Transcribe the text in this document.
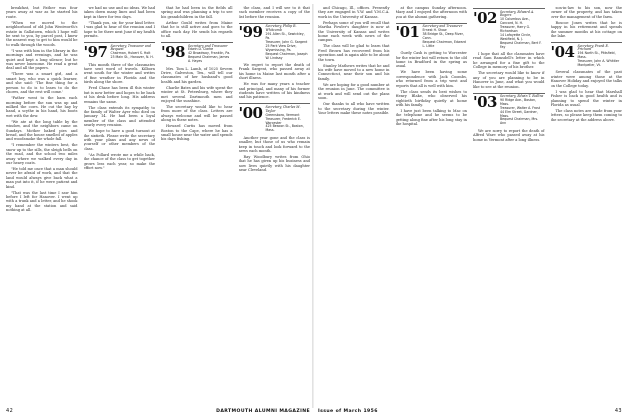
breakfast, but Father was four years away at war as he started his route.

"When we moved to the neighborhood of old John Wentworth's estate in Gallatown, which I hope will be sent to you, by parcel post, I knew the nearest way to get to him would be to walk through the woods.

"I was with him in the library in the mornings and evenings, and he was quiet and kept a long silence; but he was never lonesome. He read a great deal and all the papers.

"There was a smart girl, and a smart boy, who was a quick learner, and she said: 'The fine thing for a person to do is to learn to do the chores, and the rest will come.'

"Father went to the barn each morning before the sun was up and milked the cows. He cut the hay by hand, a scythe in his hand, his boots wet with the dew.

"We ate at the long table by the window, and the neighbors came on Sundays. Mother baked pies and bread, and the house smelled of apples and woodsmoke the whole fall.

"I remember the winters best, the snow up to the sills, the sleigh bells on the road, and the school two miles away where we walked every day in our heavy coats.

"He told me once that a man should never be afraid of work, and that the land would always give back what a man put into it, if he were patient and kind.

"That was the last time I saw him before I left for Hanover. I went up with a trunk and a letter, and he shook my hand at the station and said nothing at all.

we had no use and no ideas. We had taken down many lines and had been kept in there for two days.

"Thank you, sir, for your kind letter. I was glad to hear of the reunion and I hope to be there next June if my health permits.

'97 Secretary, Treasurer and Bequest
Chairman, Hubert S. Holt
23 Main St., Hanover, N. H.

This month three of the classmates have sent word of travels. Kilborn went south for the winter and writes of fine weather in Florida and the birds along the shore.

Fred Chase has been ill this winter but is now better and hopes to be back at his desk before long. His address remains the same.

The class extends its sympathy to the family of Walter Ayer who died on January 14. He had been a loyal member of the class and attended nearly every reunion.

We hope to have a good turnout at the sixtieth. Please write the secretary with your plans and any news of yourself or other members of the class.

"As Pollard wrote me a while back, the chance of the class to get together grows less each year, so make the effort now."

that he had been in the fields all spring and was planning a trip to see his grandchildren in the fall.

Arthur Gould writes from Maine that he is still active and goes to the office each day. He sends his regards to all.

'98 Secretary and Treasurer
Edwin D. Clarke
42 Broadway, Franklin, Pa.
Bequest Chairman, James A. Hayes

Mrs. Tom L. Lamb, of 1025 Severn Drive, Galveston, Tex., will tell our classmates of her husband's good health and his garden.

Charlie Bates and his wife spent the winter at St. Petersburg, where they met several Dartmouth men and enjoyed the sunshine.

The secretary would like to hear from more of the class. Letters are always welcome and will be passed along in these notes.

Howard Curtis has moved from Boston to the Cape, where he has a small house near the water and spends his days fishing.

the class, and I will see to it that each member receives a copy of the list before the reunion.

'99 Secretary, Philip R. Whitcomb
291 Allen St., Sewickley, Pa.
Treasurer, John G. Sargent
25 Park View Drive, Wyomissing, Pa.
Bequest Chairman, Joseph W. Lindsay

We regret to report the death of Frank Sargent, who passed away at his home in Maine last month after a short illness.

He was for many years a teacher and principal, and many of his former students have written of his kindness and his patience.

'00 Secretary, Charles M. Taylor
Greensboro, Vermont
Treasurer, Frederick E. Worcester
425 Beacon St., Boston, Mass.

Another year gone and the class is smaller, but those of us who remain keep in touch and look forward to the news each month.

Ray Woodbury writes from Ohio that he has given up his business and now lives quietly with his daughter near Cleveland.

and Chicago, Ill., offices. Presently they are engaged in Y.W. and Y.M.C.A. work in the University of Kansas.

Perhaps some of you will recall that Martha Fowler's daughter is now at the University of Kansas and writes home each week with news of the campus.

The class will be glad to learn that Fred Brown has recovered from his operation and is again able to be about the town.

Stanley Mathews writes that he and his wife have moved to a new home in Connecticut, near their son and his family.

We are hoping for a good number at the reunion in June. The committee is at work and will send out the plans soon.

Our thanks to all who have written to the secretary during the winter. Your letters make these notes possible.

at the campus Sunday afternoon. Mary and I enjoyed the afternoon with you at the alumni gathering.

'01 Secretary and Treasurer
Ernest H. Shaw
38 Bridge St., Deep River, Conn.
Bequest Chairman, Edward L. Little

Gurdy Cash is getting to Worcester for the winter but will return to the old home in Bradford in the spring as usual.

We have been having some correspondence with Jack Coombs, who returned from a trip west and reports that all is well with him.

The class sends its best wishes to Henry Blake, who observed his eightieth birthday quietly at home with his family.

I have just been talking to Mac on the telephone and he seems to be getting along fine after his long stay in the hospital.

'02 Secretary, Edward A. Rogers
10 Columbus Ave., Concord, N. H.
Treasurer, Harry G. Richardson
14 Lafayette Circle, Westfield, N. J.
Bequest Chairman, Bert F. Fay

I hope that all the classmates have read Sam Ramsdell's letter in which he arranged for a fine gift to the College in memory of his brother.

The secretary would like to know if any of you are planning to be in Hanover in June, and what you would like to see at the reunion.

'03 Secretary, Edwin T. Rollins
90 Ridge Ave., Boston, Mass.
Treasurer, Walter A. Frost
44 Elm Street, Gardner, Mass.
Bequest Chairman, Mrs. Ann

We are sorry to report the death of Alfred Ware who passed away at his home in Vermont after a long illness.

son-in-law to his son, now the owner of the property, and has taken over the management of the farm.

Roscoe Jones writes that he is happy in his retirement and spends the summer months at his cottage on the lake.

'04 Secretary, Frank E. Prichard
194 North St., Pittsfield, Mass.
Treasurer, John A. Whittier
Montpelier, Vt.

Several classmates of the past winter were among those at the Hanover Holiday and enjoyed the talks on the College today.

I was glad to hear that Marshall Fisher is back in good health and is planning to spend the winter in Florida as usual.

The class notes are made from your letters, so please keep them coming to the secretary at the address above.

42	DARTMOUTH ALUMNI MAGAZINE Issue of March 1956	43
